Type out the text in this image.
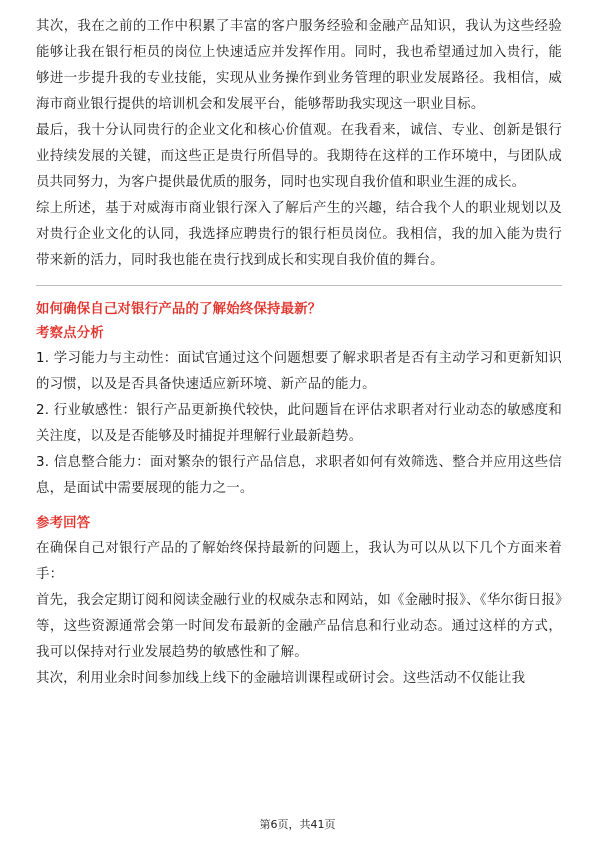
其次，我在之前的工作中积累了丰富的客户服务经验和金融产品知识，我认为这些经验能够让我在银行柜员的岗位上快速适应并发挥作用。同时，我也希望通过加入贵行，能够进一步提升我的专业技能，实现从业务操作到业务管理的职业发展路径。我相信，威海市商业银行提供的培训机会和发展平台，能够帮助我实现这一职业目标。

最后，我十分认同贵行的企业文化和核心价值观。在我看来，诚信、专业、创新是银行业持续发展的关键，而这些正是贵行所倡导的。我期待在这样的工作环境中，与团队成员共同努力，为客户提供最优质的服务，同时也实现自我价值和职业生涯的成长。

综上所述，基于对威海市商业银行深入了解后产生的兴趣，结合我个人的职业规划以及对贵行企业文化的认同，我选择应聘贵行的银行柜员岗位。我相信，我的加入能为贵行带来新的活力，同时我也能在贵行找到成长和实现自我价值的舞台。

如何确保自己对银行产品的了解始终保持最新？

考察点分析

1. 学习能力与主动性：面试官通过这个问题想要了解求职者是否有主动学习和更新知识的习惯，以及是否具备快速适应新环境、新产品的能力。

2. 行业敏感性：银行产品更新换代较快，此问题旨在评估求职者对行业动态的敏感度和关注度，以及是否能够及时捕捉并理解行业最新趋势。

3. 信息整合能力：面对繁杂的银行产品信息，求职者如何有效筛选、整合并应用这些信息，是面试中需要展现的能力之一。

参考回答

在确保自己对银行产品的了解始终保持最新的问题上，我认为可以从以下几个方面来着手：

首先，我会定期订阅和阅读金融行业的权威杂志和网站，如《金融时报》、《华尔街日报》等，这些资源通常会第一时间发布最新的金融产品信息和行业动态。通过这样的方式，我可以保持对行业发展趋势的敏感性和了解。

其次，利用业余时间参加线上线下的金融培训课程或研讨会。这些活动不仅能让我

第6页，共41页
